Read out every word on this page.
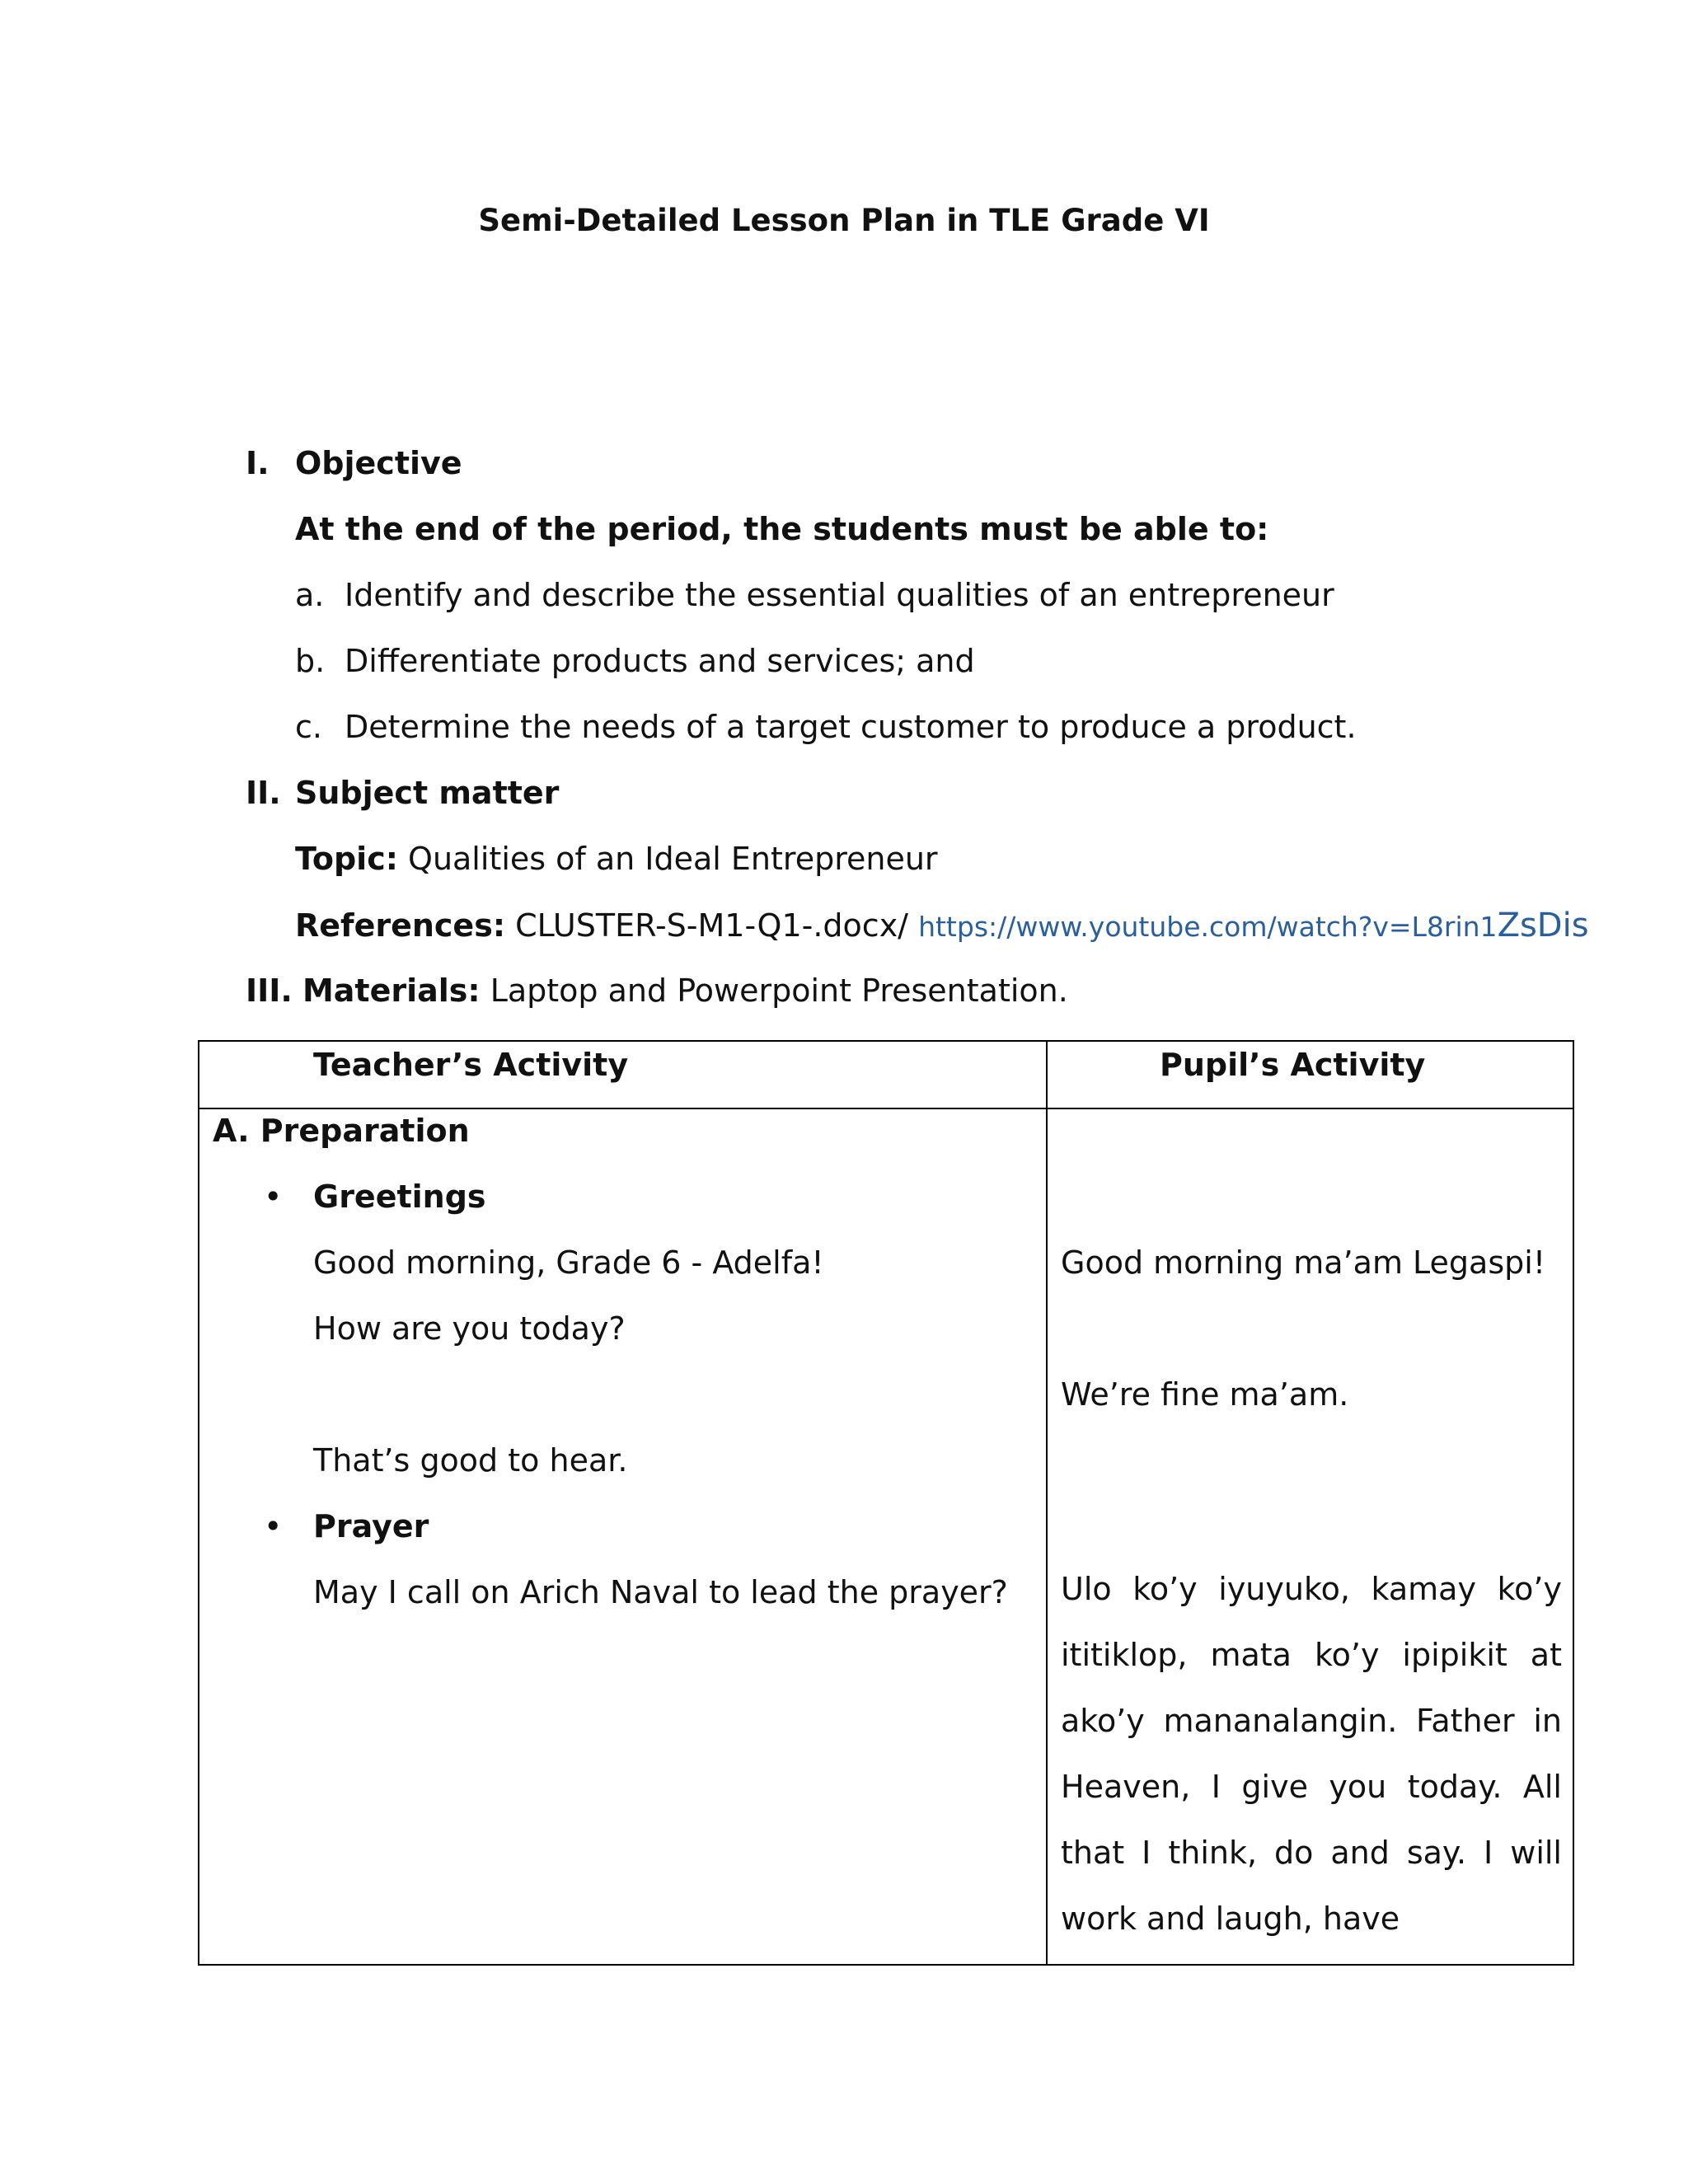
Semi-Detailed Lesson Plan in TLE Grade VI
I. Objective
At the end of the period, the students must be able to:
a. Identify and describe the essential qualities of an entrepreneur
b. Differentiate products and services; and
c. Determine the needs of a target customer to produce a product.
II. Subject matter
Topic: Qualities of an Ideal Entrepreneur
References: CLUSTER-S-M1-Q1-.docx/ https://www.youtube.com/watch?v=L8rin1ZsDis
III. Materials: Laptop and Powerpoint Presentation.
Teacher’s Activity	Pupil’s Activity
A. Preparation
• Greetings
Good morning, Grade 6 - Adelfa!
How are you today?
That’s good to hear.
• Prayer
May I call on Arich Naval to lead the prayer?
Good morning ma’am Legaspi!
We’re fine ma’am.

Ulo ko’y iyuyuko, kamay ko’y ititiklop, mata ko’y ipipikit at ako’y mananalangin. Father in Heaven, I give you today. All that I think, do and say. I will work and laugh, have
